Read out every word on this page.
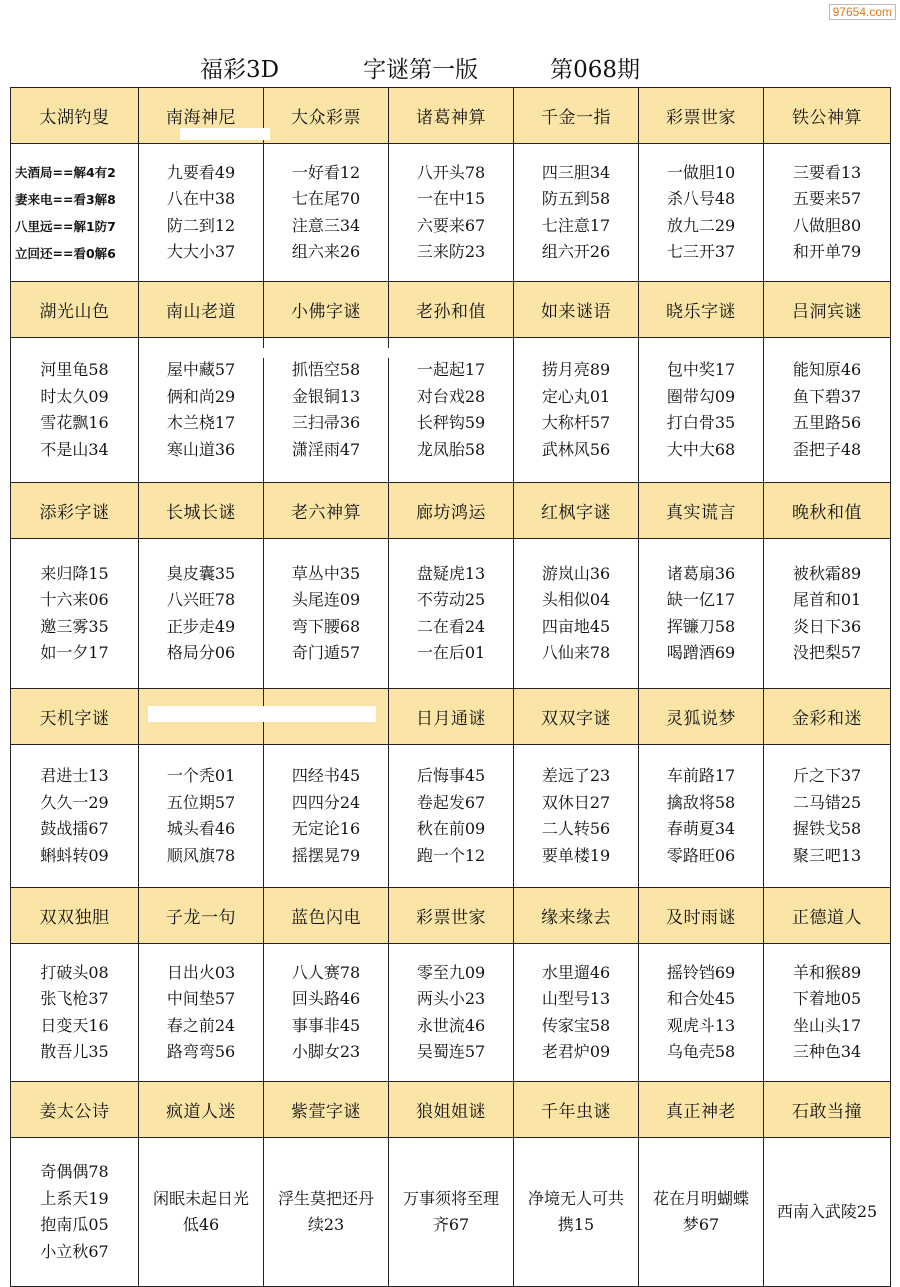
97654.com
福彩3D	字谜第一版	第068期
太湖钓叟	南海神尼	大众彩票	诸葛神算	千金一指	彩票世家	铁公神算

夫酒局==解4有2
妻来电==看3解8
八里远==解1防7
立回还==看0解6	九要看49
八在中38
防二到12
大大小37	一好看12
七在尾70
注意三34
组六来26	八开头78
一在中15
六要来67
三来防23	四三胆34
防五到58
七注意17
组六开26	一做胆10
杀八号48
放九二29
七三开37	三要看13
五要来57
八做胆80
和开单79

湖光山色	南山老道	小佛字谜	老孙和值	如来谜语	晓乐字谜	吕洞宾谜

河里龟58
时太久09
雪花飘16
不是山34	屋中藏57
俩和尚29
木兰桡17
寒山道36	抓悟空58
金银铜13
三扫帚36
潇淫雨47	一起起17
对台戏28
长秤钩59
龙凤胎58	捞月亮89
定心丸01
大称杆57
武林风56	包中奖17
圈带勾09
打白骨35
大中大68	能知原46
鱼下碧37
五里路56
歪把子48

添彩字谜	长城长谜	老六神算	廊坊鸿运	红枫字谜	真实谎言	晚秋和值

来归降15
十六来06
邀三雾35
如一夕17	臭皮囊35
八兴旺78
正步走49
格局分06	草丛中35
头尾连09
弯下腰68
奇门遁57	盘疑虎13
不劳动25
二在看24
一在后01	游岚山36
头相似04
四亩地45
八仙来78	诸葛扇36
缺一亿17
挥镰刀58
喝蹭酒69	被秋霜89
尾首和01
炎日下36
没把梨57

天机字谜			日月通谜	双双字谜	灵狐说梦	金彩和迷

君进士13
久久一29
鼓战擂67
蝌蚪转09	一个秃01
五位期57
城头看46
顺风旗78	四经书45
四四分24
无定论16
摇摆晃79	后悔事45
卷起发67
秋在前09
跑一个12	差远了23
双休日27
二人转56
要单楼19	车前路17
擒敌将58
春萌夏34
零路旺06	斤之下37
二马错25
握铁戈58
聚三吧13

双双独胆	子龙一句	蓝色闪电	彩票世家	缘来缘去	及时雨谜	正德道人

打破头08
张飞枪37
日变天16
散吾儿35	日出火03
中间垫57
春之前24
路弯弯56	八人赛78
回头路46
事事非45
小脚女23	零至九09
两头小23
永世流46
吴蜀连57	水里遛46
山型号13
传家宝58
老君炉09	摇铃铛69
和合处45
观虎斗13
乌龟壳58	羊和猴89
下着地05
坐山头17
三种色34

姜太公诗	疯道人迷	紫萱字谜	狼姐姐谜	千年虫谜	真正神老	石敢当撞

奇偶偶78
上系天19
抱南瓜05
小立秋67	闲眠未起日光
低46	浮生莫把还丹
续23	万事须将至理
齐67	净境无人可共
携15	花在月明蝴蝶
梦67	西南入武陵25
